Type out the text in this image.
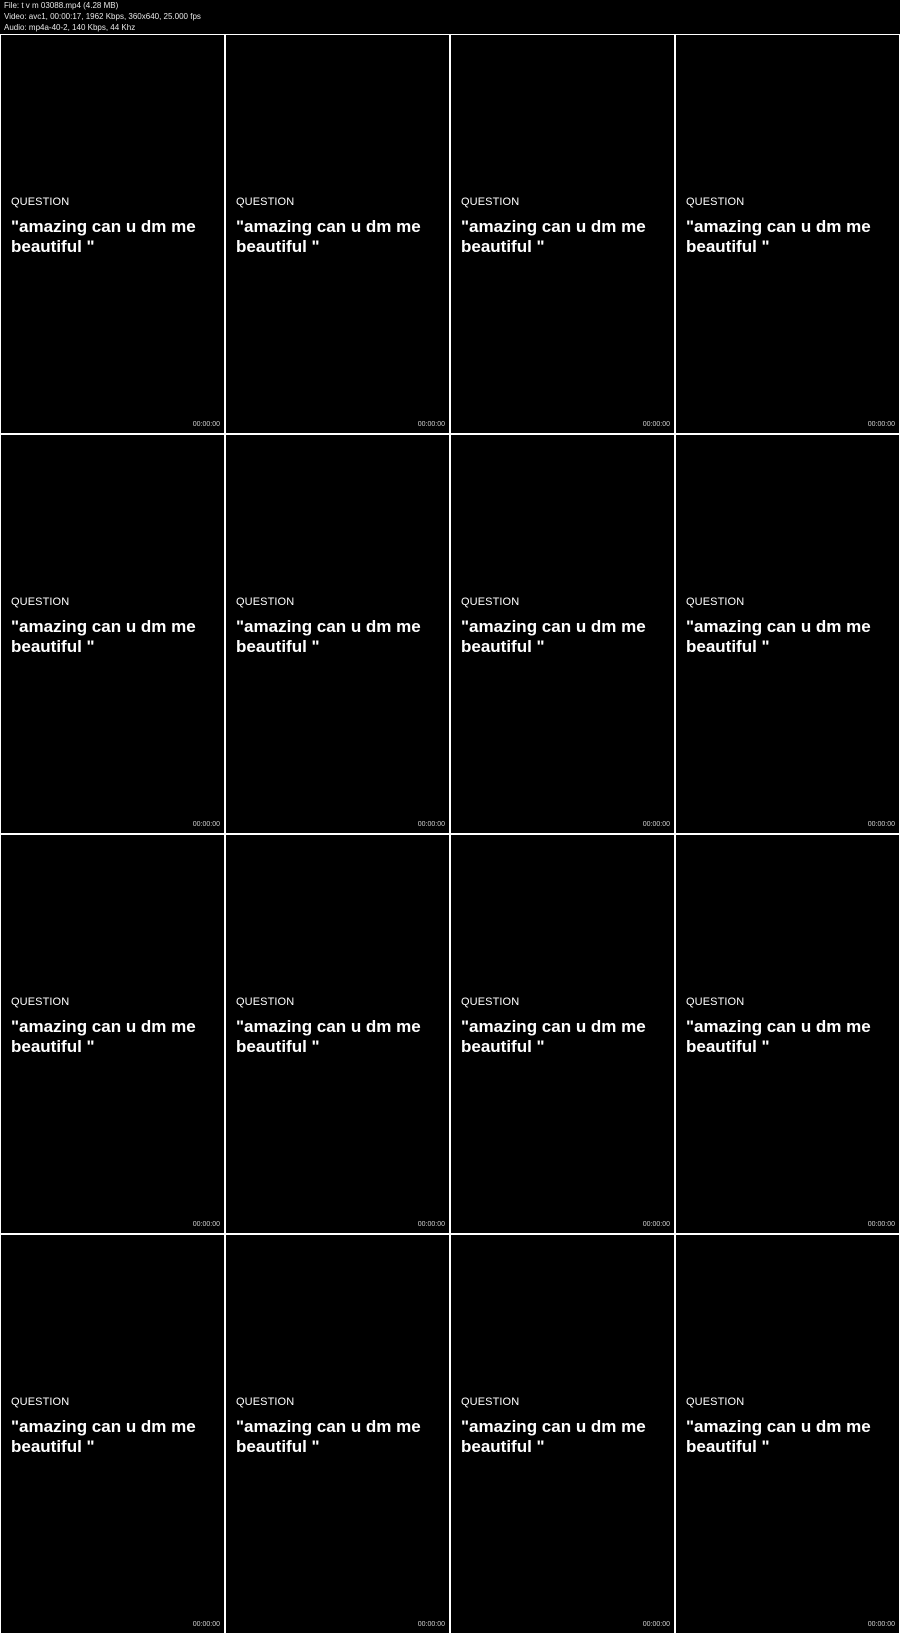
File: t v m 03088.mp4 (4.28 MB)
Video: avc1, 00:00:17, 1962 Kbps, 360x640, 25.000 fps
Audio: mp4a-40-2, 140 Kbps, 44 Khz
QUESTION
"amazing can u dm me beautiful "
00:00:00
QUESTION
"amazing can u dm me beautiful "
00:00:00
QUESTION
"amazing can u dm me beautiful "
00:00:00
QUESTION
"amazing can u dm me beautiful "
00:00:00
QUESTION
"amazing can u dm me beautiful "
00:00:00
QUESTION
"amazing can u dm me beautiful "
00:00:00
QUESTION
"amazing can u dm me beautiful "
00:00:00
QUESTION
"amazing can u dm me beautiful "
00:00:00
QUESTION
"amazing can u dm me beautiful "
00:00:00
QUESTION
"amazing can u dm me beautiful "
00:00:00
QUESTION
"amazing can u dm me beautiful "
00:00:00
QUESTION
"amazing can u dm me beautiful "
00:00:00
QUESTION
"amazing can u dm me beautiful "
00:00:00
QUESTION
"amazing can u dm me beautiful "
00:00:00
QUESTION
"amazing can u dm me beautiful "
00:00:00
QUESTION
"amazing can u dm me beautiful "
00:00:00
